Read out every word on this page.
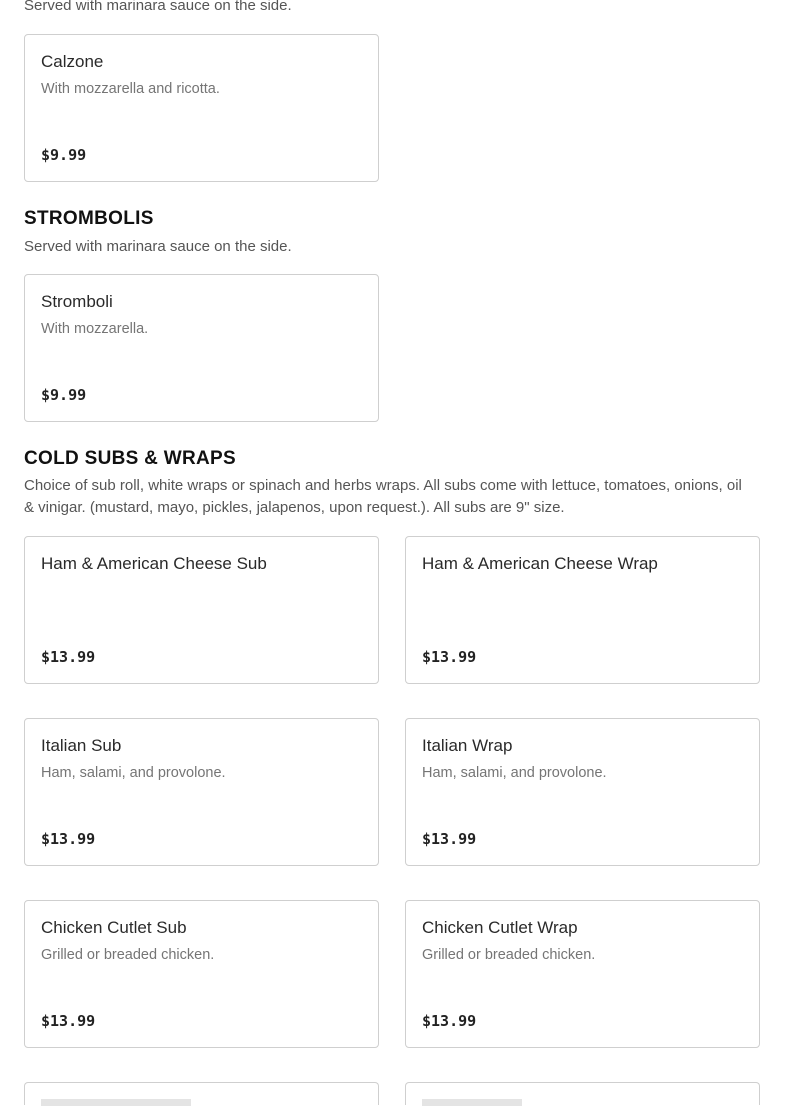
Served with marinara sauce on the side.

Calzone
With mozzarella and ricotta.
$9.99
STROMBOLIS

Served with marinara sauce on the side.

Stromboli
With mozzarella.
$9.99
COLD SUBS & WRAPS

Choice of sub roll, white wraps or spinach and herbs wraps. All subs come with lettuce, tomatoes, onions, oil & vinigar. (mustard, mayo, pickles, jalapenos, upon request.). All subs are 9" size.

Ham & American Cheese Sub
$13.99
Ham & American Cheese Wrap
$13.99
Italian Sub
Ham, salami, and provolone.
$13.99
Italian Wrap
Ham, salami, and provolone.
$13.99
Chicken Cutlet Sub
Grilled or breaded chicken.
$13.99
Chicken Cutlet Wrap
Grilled or breaded chicken.
$13.99
